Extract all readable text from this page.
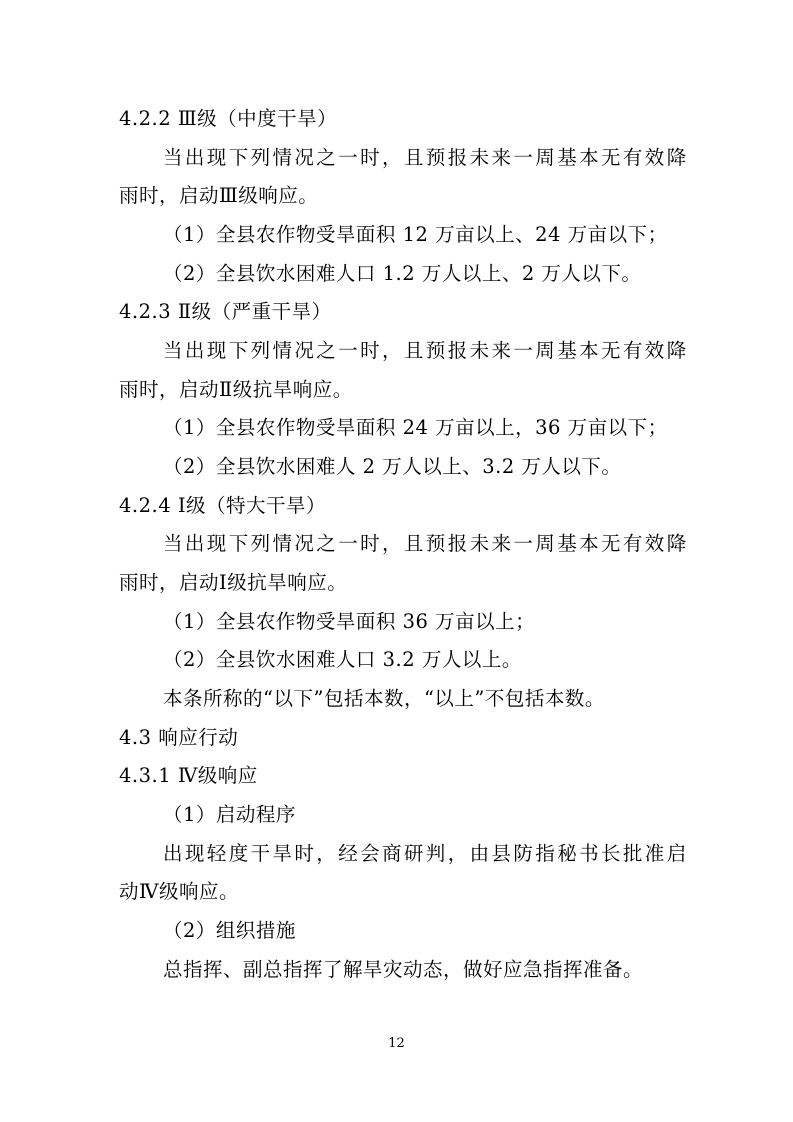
4.2.2 Ⅲ级（中度干旱）
当出现下列情况之一时，且预报未来一周基本无有效降
雨时，启动Ⅲ级响应。
（1）全县农作物受旱面积 12 万亩以上、24 万亩以下；
（2）全县饮水困难人口 1.2 万人以上、2 万人以下。
4.2.3 Ⅱ级（严重干旱）
当出现下列情况之一时，且预报未来一周基本无有效降
雨时，启动Ⅱ级抗旱响应。
（1）全县农作物受旱面积 24 万亩以上，36 万亩以下；
（2）全县饮水困难人 2 万人以上、3.2 万人以下。
4.2.4 Ⅰ级（特大干旱）
当出现下列情况之一时，且预报未来一周基本无有效降
雨时，启动Ⅰ级抗旱响应。
（1）全县农作物受旱面积 36 万亩以上；
（2）全县饮水困难人口 3.2 万人以上。
本条所称的“以下”包括本数，“以上”不包括本数。
4.3 响应行动
4.3.1 Ⅳ级响应
（1）启动程序
出现轻度干旱时，经会商研判，由县防指秘书长批准启
动Ⅳ级响应。
（2）组织措施
总指挥、副总指挥了解旱灾动态，做好应急指挥准备。
12
